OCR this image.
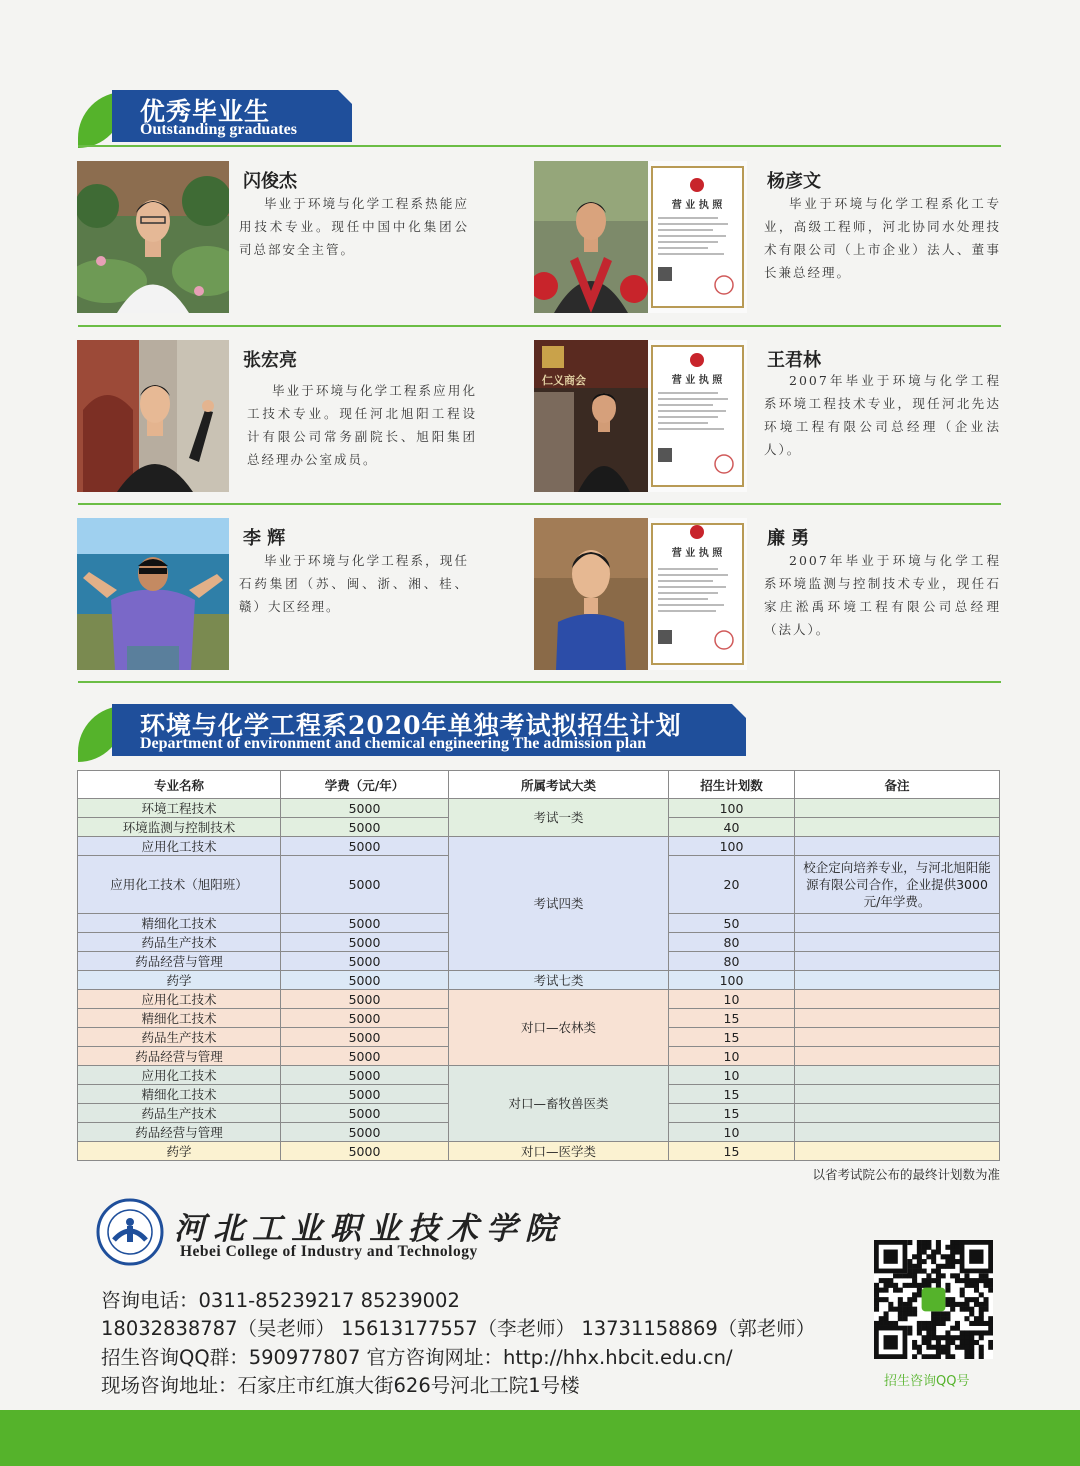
优秀毕业生
Outstanding graduates
闪俊杰
毕业于环境与化学工程系热能应用技术专业。现任中国中化集团公司总部安全主管。
营 业 执 照
杨彦文
毕业于环境与化学工程系化工专业，高级工程师，河北协同水处理技术有限公司（上市企业）法人、董事长兼总经理。
张宏亮
毕业于环境与化学工程系应用化工技术专业。现任河北旭阳工程设计有限公司常务副院长、旭阳集团总经理办公室成员。
仁义商会	营 业 执 照
王君林
2007年毕业于环境与化学工程系环境工程技术专业，现任河北先达环境工程有限公司总经理（企业法人）。
李 辉
毕业于环境与化学工程系，现任石药集团（苏、闽、浙、湘、桂、赣）大区经理。
营 业 执 照
廉 勇
2007年毕业于环境与化学工程系环境监测与控制技术专业，现任石家庄淞禹环境工程有限公司总经理（法人）。
环境与化学工程系2020年单独考试拟招生计划
Department of environment and chemical engineering The admission plan
专业名称	学费（元/年）	所属考试大类	招生计划数	备注
环境工程技术	5000	考试一类	100	
环境监测与控制技术	5000		40	
应用化工技术	5000	考试四类	100	
应用化工技术（旭阳班）	5000		20	校企定向培养专业，与河北旭阳能源有限公司合作，企业提供3000元/年学费。
精细化工技术	5000		50	
药品生产技术	5000		80	
药品经营与管理	5000		80	
药学	5000	考试七类	100	
应用化工技术	5000	对口—农林类	10	
精细化工技术	5000		15	
药品生产技术	5000		15	
药品经营与管理	5000		10	
应用化工技术	5000	对口—畜牧兽医类	10	
精细化工技术	5000		15	
药品生产技术	5000		15	
药品经营与管理	5000		10	
药学	5000	对口—医学类	15	
以省考试院公布的最终计划数为准
河北工业职业技术学院
Hebei College of Industry and Technology
咨询电话：0311-85239217 85239002
18032838787（吴老师） 15613177557（李老师） 13731158869（郭老师）
招生咨询QQ群：590977807 官方咨询网址：http://hhx.hbcit.edu.cn/
现场咨询地址：石家庄市红旗大街626号河北工院1号楼	招生咨询QQ号
